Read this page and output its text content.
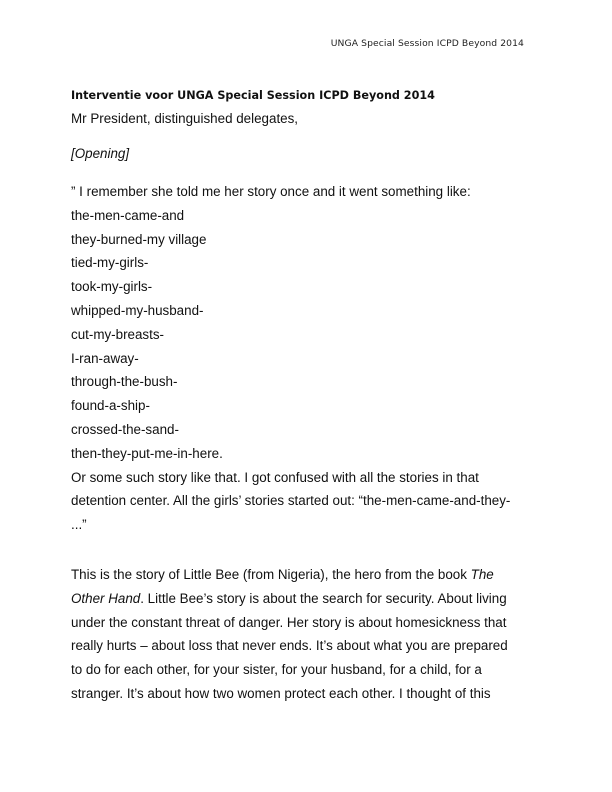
UNGA Special Session ICPD Beyond 2014
Interventie voor UNGA Special Session ICPD Beyond 2014
Mr President, distinguished delegates,
[Opening]
” I remember she told me her story once and it went something like:
the-men-came-and
they-burned-my village
tied-my-girls-
took-my-girls-
whipped-my-husband-
cut-my-breasts-
I-ran-away-
through-the-bush-
found-a-ship-
crossed-the-sand-
then-they-put-me-in-here.
Or some such story like that. I got confused with all the stories in that
detention center. All the girls’ stories started out: “the-men-came-and-they-
...”
This is the story of Little Bee (from Nigeria), the hero from the book The
Other Hand. Little Bee’s story is about the search for security. About living
under the constant threat of danger. Her story is about homesickness that
really hurts – about loss that never ends. It’s about what you are prepared
to do for each other, for your sister, for your husband, for a child, for a
stranger. It’s about how two women protect each other. I thought of this
